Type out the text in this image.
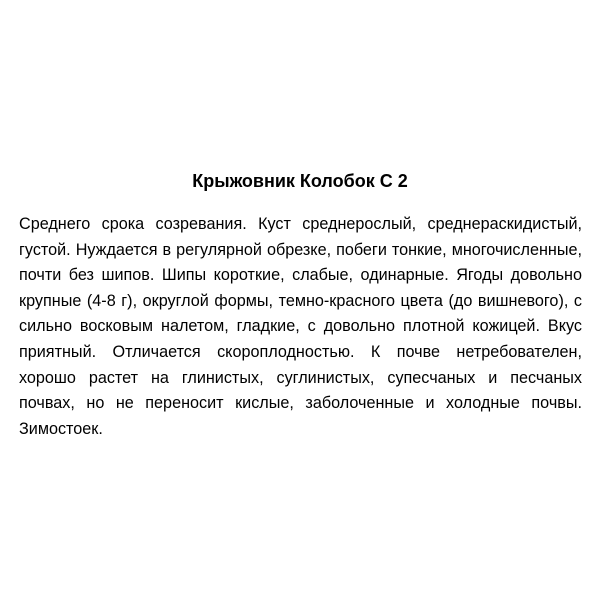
Крыжовник Колобок С 2

Среднего срока созревания. Куст среднерослый, среднераскидистый, густой. Нуждается в регулярной обрезке, побеги тонкие, многочисленные, почти без шипов. Шипы короткие, слабые, одинарные. Ягоды довольно крупные (4-8 г), округлой формы, темно-красного цвета (до вишневого), с сильно восковым налетом, гладкие, с довольно плотной кожицей. Вкус приятный. Отличается скороплодностью. К почве нетребователен, хорошо растет на глинистых, суглинистых, супесчаных и песчаных почвах, но не переносит кислые, заболоченные и холодные почвы. Зимостоек.
